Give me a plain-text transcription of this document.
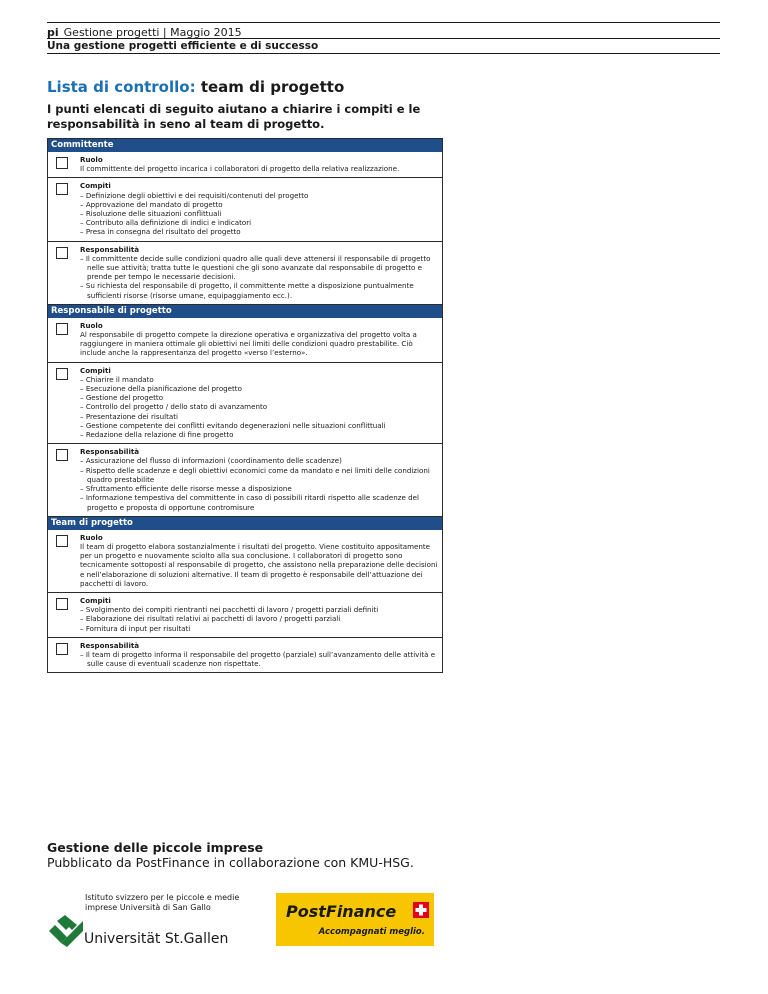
pi Gestione progetti | Maggio 2015
Una gestione progetti efficiente e di successo
Lista di controllo: team di progetto
I punti elencati di seguito aiutano a chiarire i compiti e le responsabilità in seno al team di progetto.
Committente
Ruolo
Il committente del progetto incarica i collaboratori di progetto della relativa realizzazione.
Compiti
– Definizione degli obiettivi e dei requisiti/contenuti del progetto
– Approvazione del mandato di progetto
– Risoluzione delle situazioni conflittuali
– Contributo alla definizione di indici e indicatori
– Presa in consegna del risultato del progetto
Responsabilità
– Il committente decide sulle condizioni quadro alle quali deve attenersi il responsabile di progetto nelle sue attività; tratta tutte le questioni che gli sono avanzate dal responsabile di progetto e prende per tempo le necessarie decisioni.
– Su richiesta del responsabile di progetto, il committente mette a disposizione puntualmente sufficienti risorse (risorse umane, equipaggiamento ecc.).
Responsabile di progetto
Ruolo
Al responsabile di progetto compete la direzione operativa e organizzativa del progetto volta a raggiungere in maniera ottimale gli obiettivi nei limiti delle condizioni quadro prestabilite. Ciò include anche la rappresentanza del progetto «verso l’esterno».
Compiti
– Chiarire il mandato
– Esecuzione della pianificazione del progetto
– Gestione del progetto
– Controllo del progetto / dello stato di avanzamento
– Presentazione dei risultati
– Gestione competente dei conflitti evitando degenerazioni nelle situazioni conflittuali
– Redazione della relazione di fine progetto
Responsabilità
– Assicurazione del flusso di informazioni (coordinamento delle scadenze)
– Rispetto delle scadenze e degli obiettivi economici come da mandato e nei limiti delle condizioni quadro prestabilite
– Sfruttamento efficiente delle risorse messe a disposizione
– Informazione tempestiva del committente in caso di possibili ritardi rispetto alle scadenze del progetto e proposta di opportune contromisure
Team di progetto
Ruolo
Il team di progetto elabora sostanzialmente i risultati del progetto. Viene costituito appositamente per un progetto e nuovamente sciolto alla sua conclusione. I collaboratori di progetto sono tecnicamente sottoposti al responsabile di progetto, che assistono nella preparazione delle decisioni e nell’elaborazione di soluzioni alternative. Il team di progetto è responsabile dell’attuazione dei pacchetti di lavoro.
Compiti
– Svolgimento dei compiti rientranti nei pacchetti di lavoro / progetti parziali definiti
– Elaborazione dei risultati relativi ai pacchetti di lavoro / progetti parziali
– Fornitura di input per risultati
Responsabilità
– Il team di progetto informa il responsabile del progetto (parziale) sull’avanzamento delle attività e sulle cause di eventuali scadenze non rispettate.
Gestione delle piccole imprese
Pubblicato da PostFinance in collaborazione con KMU-HSG.
Istituto svizzero per le piccole e medie imprese Università di San Gallo
Universität St.Gallen
PostFinance
Accompagnati meglio.
